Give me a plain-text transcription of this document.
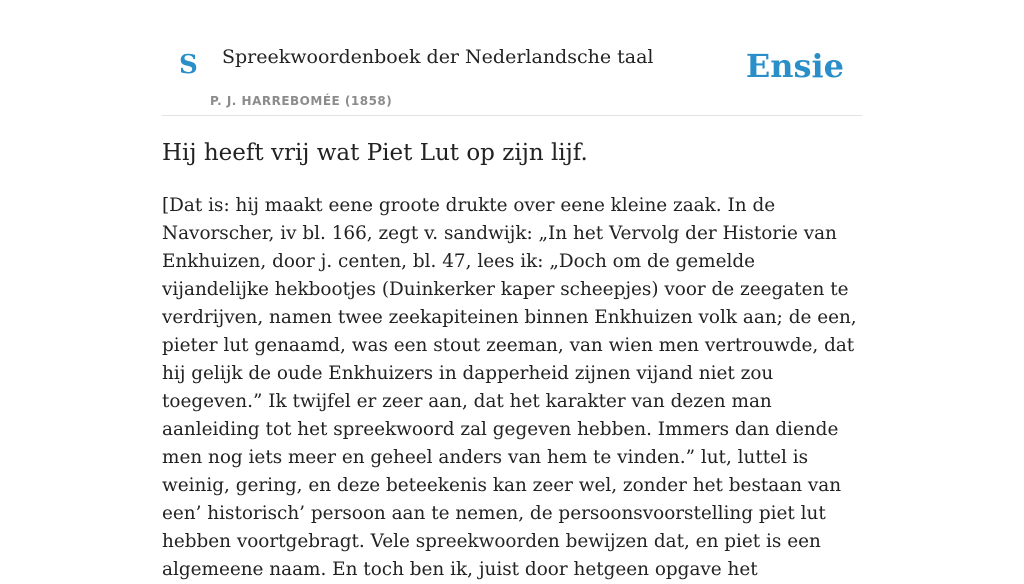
S Spreekwoordenboek der Nederlandsche taal
P. J. HARREBOMÉE (1858)
Ensie
Hij heeft vrij wat Piet Lut op zijn lijf.

[Dat is: hij maakt eene groote drukte over eene kleine zaak. In de Navorscher, iv bl. 166, zegt v. sandwijk: „In het Vervolg der Historie van Enkhuizen, door j. centen, bl. 47, lees ik: „Doch om de gemelde vijandelijke hekbootjes (Duinkerker kaper scheepjes) voor de zeegaten te verdrijven, namen twee zeekapiteinen binnen Enkhuizen volk aan; de een, pieter lut genaamd, was een stout zeeman, van wien men vertrouwde, dat hij gelijk de oude Enkhuizers in dapperheid zijnen vijand niet zou toegeven.” Ik twijfel er zeer aan, dat het karakter van dezen man aanleiding tot het spreekwoord zal gegeven hebben. Immers dan diende men nog iets meer en geheel anders van hem te vinden.” lut, luttel is weinig, gering, en deze beteekenis kan zeer wel, zonder het bestaan van een’ historisch’ persoon aan te nemen, de persoonsvoorstelling piet lut hebben voortgebragt. Vele spreekwoorden bewijzen dat, en piet is een algemeene naam. En toch ben ik, juist door hetgeen opgave het
